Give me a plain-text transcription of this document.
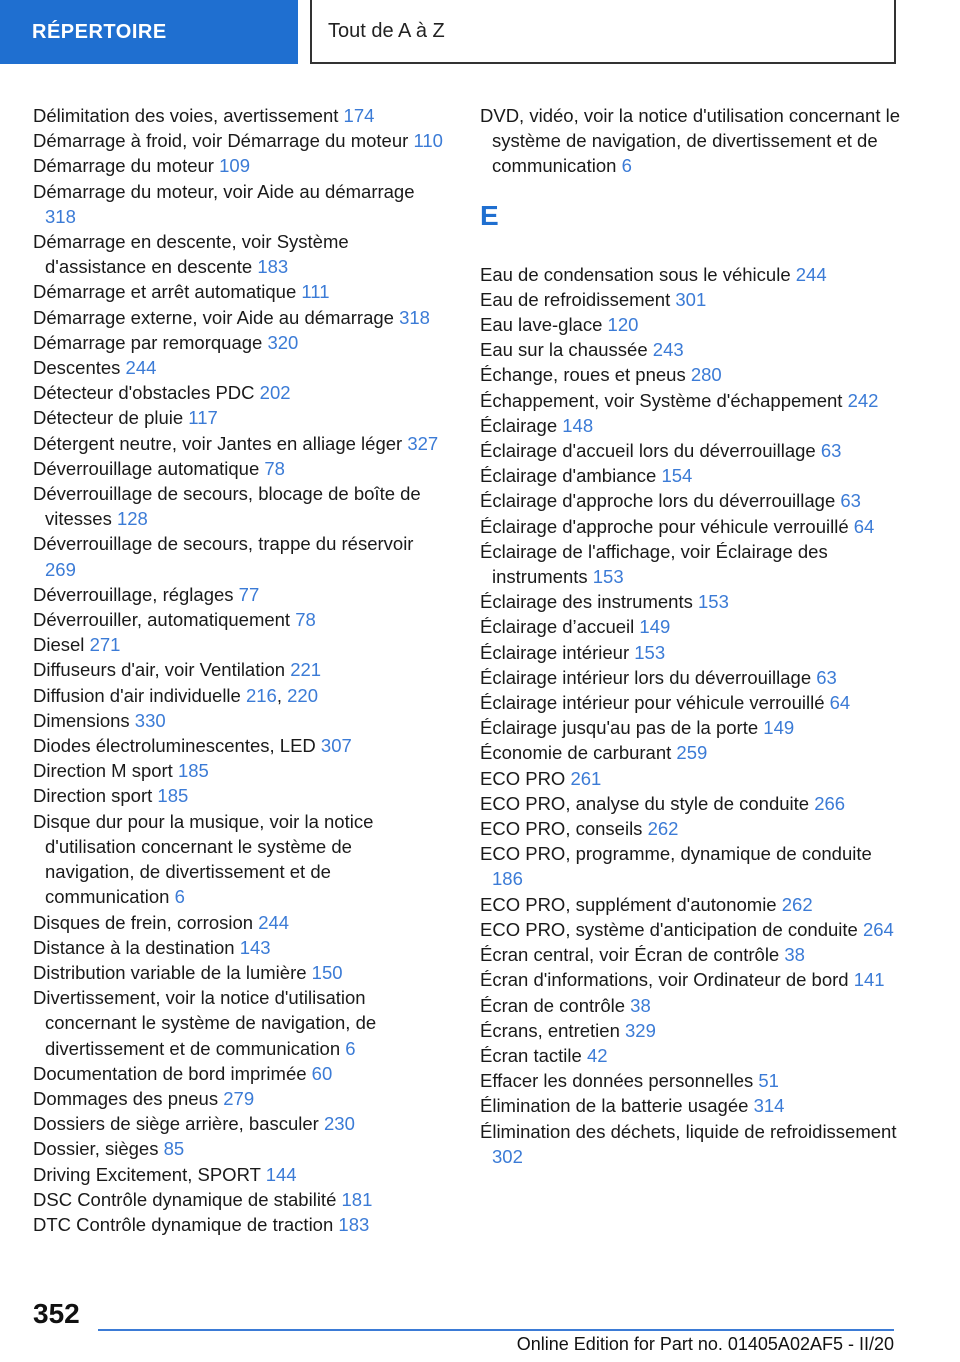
RÉPERTOIRE	Tout de A à Z
Délimitation des voies, avertissement 174
Démarrage à froid, voir Démarrage du moteur 110
Démarrage du moteur 109
Démarrage du moteur, voir Aide au démarrage 318
Démarrage en descente, voir Système d'assistance en descente 183
Démarrage et arrêt automatique 111
Démarrage externe, voir Aide au démarrage 318
Démarrage par remorquage 320
Descentes 244
Détecteur d'obstacles PDC 202
Détecteur de pluie 117
Détergent neutre, voir Jantes en alliage léger 327
Déverrouillage automatique 78
Déverrouillage de secours, blocage de boîte de vitesses 128
Déverrouillage de secours, trappe du réservoir 269
Déverrouillage, réglages 77
Déverrouiller, automatiquement 78
Diesel 271
Diffuseurs d'air, voir Ventilation 221
Diffusion d'air individuelle 216, 220
Dimensions 330
Diodes électroluminescentes, LED 307
Direction M sport 185
Direction sport 185
Disque dur pour la musique, voir la notice d'utilisation concernant le système de navigation, de divertissement et de communication 6
Disques de frein, corrosion 244
Distance à la destination 143
Distribution variable de la lumière 150
Divertissement, voir la notice d'utilisation concernant le système de navigation, de divertissement et de communication 6
Documentation de bord imprimée 60
Dommages des pneus 279
Dossiers de siège arrière, basculer 230
Dossier, sièges 85
Driving Excitement, SPORT 144
DSC Contrôle dynamique de stabilité 181
DTC Contrôle dynamique de traction 183
DVD, vidéo, voir la notice d'utilisation concernant le système de navigation, de divertissement et de communication 6
E
Eau de condensation sous le véhicule 244
Eau de refroidissement 301
Eau lave-glace 120
Eau sur la chaussée 243
Échange, roues et pneus 280
Échappement, voir Système d'échappement 242
Éclairage 148
Éclairage d'accueil lors du déverrouillage 63
Éclairage d'ambiance 154
Éclairage d'approche lors du déverrouillage 63
Éclairage d'approche pour véhicule verrouillé 64
Éclairage de l'affichage, voir Éclairage des instruments 153
Éclairage des instruments 153
Éclairage d’accueil 149
Éclairage intérieur 153
Éclairage intérieur lors du déverrouillage 63
Éclairage intérieur pour véhicule verrouillé 64
Éclairage jusqu'au pas de la porte 149
Économie de carburant 259
ECO PRO 261
ECO PRO, analyse du style de conduite 266
ECO PRO, conseils 262
ECO PRO, programme, dynamique de conduite 186
ECO PRO, supplément d'autonomie 262
ECO PRO, système d'anticipation de conduite 264
Écran central, voir Écran de contrôle 38
Écran d'informations, voir Ordinateur de bord 141
Écran de contrôle 38
Écrans, entretien 329
Écran tactile 42
Effacer les données personnelles 51
Élimination de la batterie usagée 314
Élimination des déchets, liquide de refroidissement 302
352
Online Edition for Part no. 01405A02AF5 - II/20
